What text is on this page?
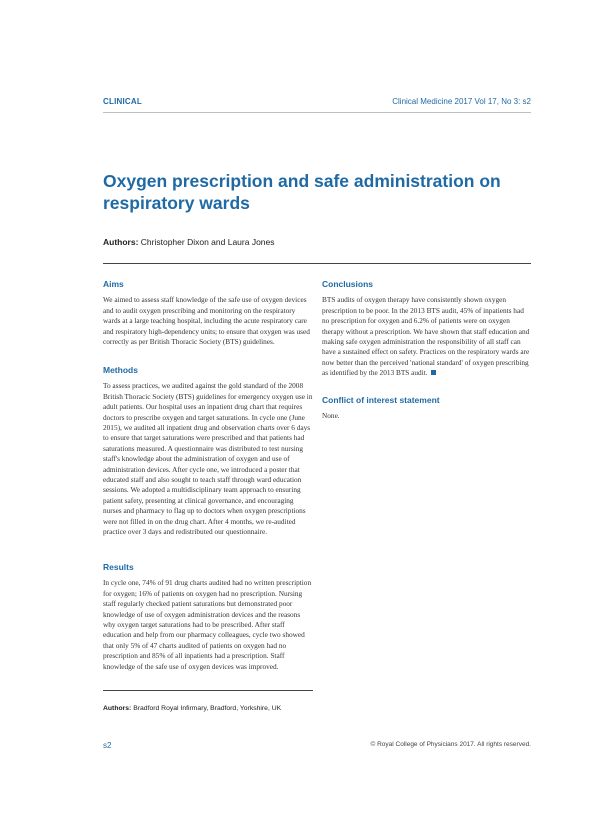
CLINICAL	Clinical Medicine 2017 Vol 17, No 3: s2
Oxygen prescription and safe administration on respiratory wards
Authors: Christopher Dixon and Laura Jones
Aims

We aimed to assess staff knowledge of the safe use of oxygen devices and to audit oxygen prescribing and monitoring on the respiratory wards at a large teaching hospital, including the acute respiratory care and respiratory high-dependency units; to ensure that oxygen was used correctly as per British Thoracic Society (BTS) guidelines.

Methods

To assess practices, we audited against the gold standard of the 2008 British Thoracic Society (BTS) guidelines for emergency oxygen use in adult patients. Our hospital uses an inpatient drug chart that requires doctors to prescribe oxygen and target saturations. In cycle one (June 2015), we audited all inpatient drug and observation charts over 6 days to ensure that target saturations were prescribed and that patients had saturations measured. A questionnaire was distributed to test nursing staff's knowledge about the administration of oxygen and use of administration devices. After cycle one, we introduced a poster that educated staff and also sought to teach staff through ward education sessions. We adopted a multidisciplinary team approach to ensuring patient safety, presenting at clinical governance, and encouraging nurses and pharmacy to flag up to doctors when oxygen prescriptions were not filled in on the drug chart. After 4 months, we re-audited practice over 3 days and redistributed our questionnaire.

Results

In cycle one, 74% of 91 drug charts audited had no written prescription for oxygen; 16% of patients on oxygen had no prescription. Nursing staff regularly checked patient saturations but demonstrated poor knowledge of use of oxygen administration devices and the reasons why oxygen target saturations had to be prescribed. After staff education and help from our pharmacy colleagues, cycle two showed that only 5% of 47 charts audited of patients on oxygen had no prescription and 85% of all inpatients had a prescription. Staff knowledge of the safe use of oxygen devices was improved.

Conclusions

BTS audits of oxygen therapy have consistently shown oxygen prescription to be poor. In the 2013 BTS audit, 45% of inpatients had no prescription for oxygen and 6.2% of patients were on oxygen therapy without a prescription. We have shown that staff education and making safe oxygen administration the responsibility of all staff can have a sustained effect on safety. Practices on the respiratory wards are now better than the perceived 'national standard' of oxygen prescribing as identified by the 2013 BTS audit.

Conflict of interest statement

None.

Authors: Bradford Royal Infirmary, Bradford, Yorkshire, UK
s2	© Royal College of Physicians 2017. All rights reserved.
